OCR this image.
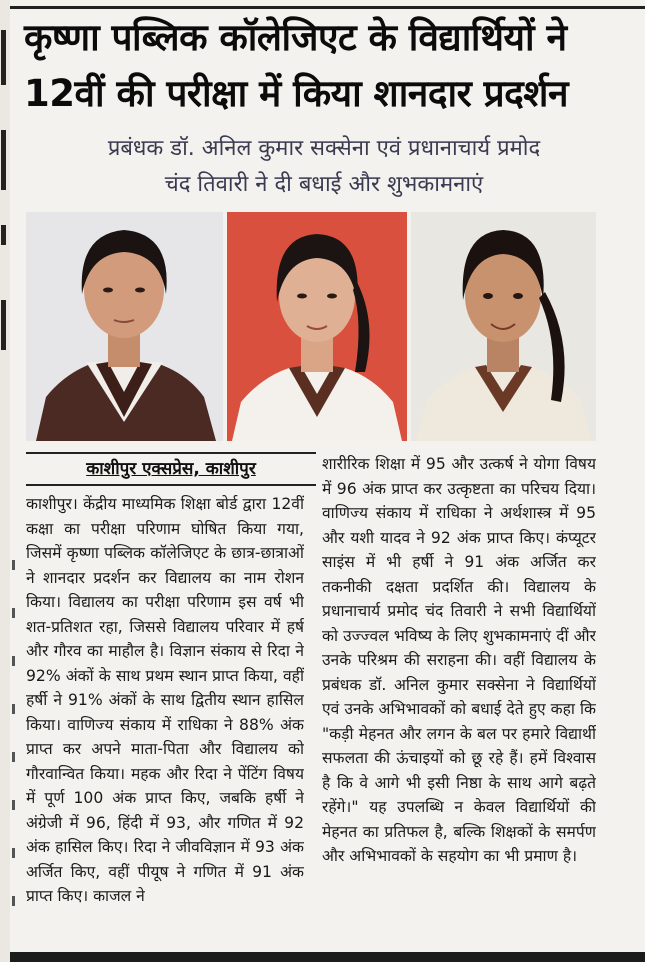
कृष्णा पब्लिक कॉलेजिएट के विद्यार्थियों ने
12वीं की परीक्षा में किया शानदार प्रदर्शन
प्रबंधक डॉ. अनिल कुमार सक्सेना एवं प्रधानाचार्य प्रमोद
चंद तिवारी ने दी बधाई और शुभकामनाएं
काशीपुर एक्सप्रेस, काशीपुर
काशीपुर। केंद्रीय माध्यमिक शिक्षा बोर्ड द्वारा 12वीं कक्षा का परीक्षा परिणाम घोषित किया गया, जिसमें कृष्णा पब्लिक कॉलेजिएट के छात्र-छात्राओं ने शानदार प्रदर्शन कर विद्यालय का नाम रोशन किया। विद्यालय का परीक्षा परिणाम इस वर्ष भी शत-प्रतिशत रहा, जिससे विद्यालय परिवार में हर्ष और गौरव का माहौल है। विज्ञान संकाय से रिदा ने 92% अंकों के साथ प्रथम स्थान प्राप्त किया, वहीं हर्षी ने 91% अंकों के साथ द्वितीय स्थान हासिल किया। वाणिज्य संकाय में राधिका ने 88% अंक प्राप्त कर अपने माता-पिता और विद्यालय को गौरवान्वित किया। महक और रिदा ने पेंटिंग विषय में पूर्ण 100 अंक प्राप्त किए, जबकि हर्षी ने अंग्रेजी में 96, हिंदी में 93, और गणित में 92 अंक हासिल किए। रिदा ने जीवविज्ञान में 93 अंक अर्जित किए, वहीं पीयूष ने गणित में 91 अंक प्राप्त किए। काजल ने
शारीरिक शिक्षा में 95 और उत्कर्ष ने योगा विषय में 96 अंक प्राप्त कर उत्कृष्टता का परिचय दिया। वाणिज्य संकाय में राधिका ने अर्थशास्त्र में 95 और यशी यादव ने 92 अंक प्राप्त किए। कंप्यूटर साइंस में भी हर्षी ने 91 अंक अर्जित कर तकनीकी दक्षता प्रदर्शित की। विद्यालय के प्रधानाचार्य प्रमोद चंद तिवारी ने सभी विद्यार्थियों को उज्ज्वल भविष्य के लिए शुभकामनाएं दीं और उनके परिश्रम की सराहना की। वहीं विद्यालय के प्रबंधक डॉ. अनिल कुमार सक्सेना ने विद्यार्थियों एवं उनके अभिभावकों को बधाई देते हुए कहा कि "कड़ी मेहनत और लगन के बल पर हमारे विद्यार्थी सफलता की ऊंचाइयों को छू रहे हैं। हमें विश्वास है कि वे आगे भी इसी निष्ठा के साथ आगे बढ़ते रहेंगे।" यह उपलब्धि न केवल विद्यार्थियों की मेहनत का प्रतिफल है, बल्कि शिक्षकों के समर्पण और अभिभावकों के सहयोग का भी प्रमाण है।
